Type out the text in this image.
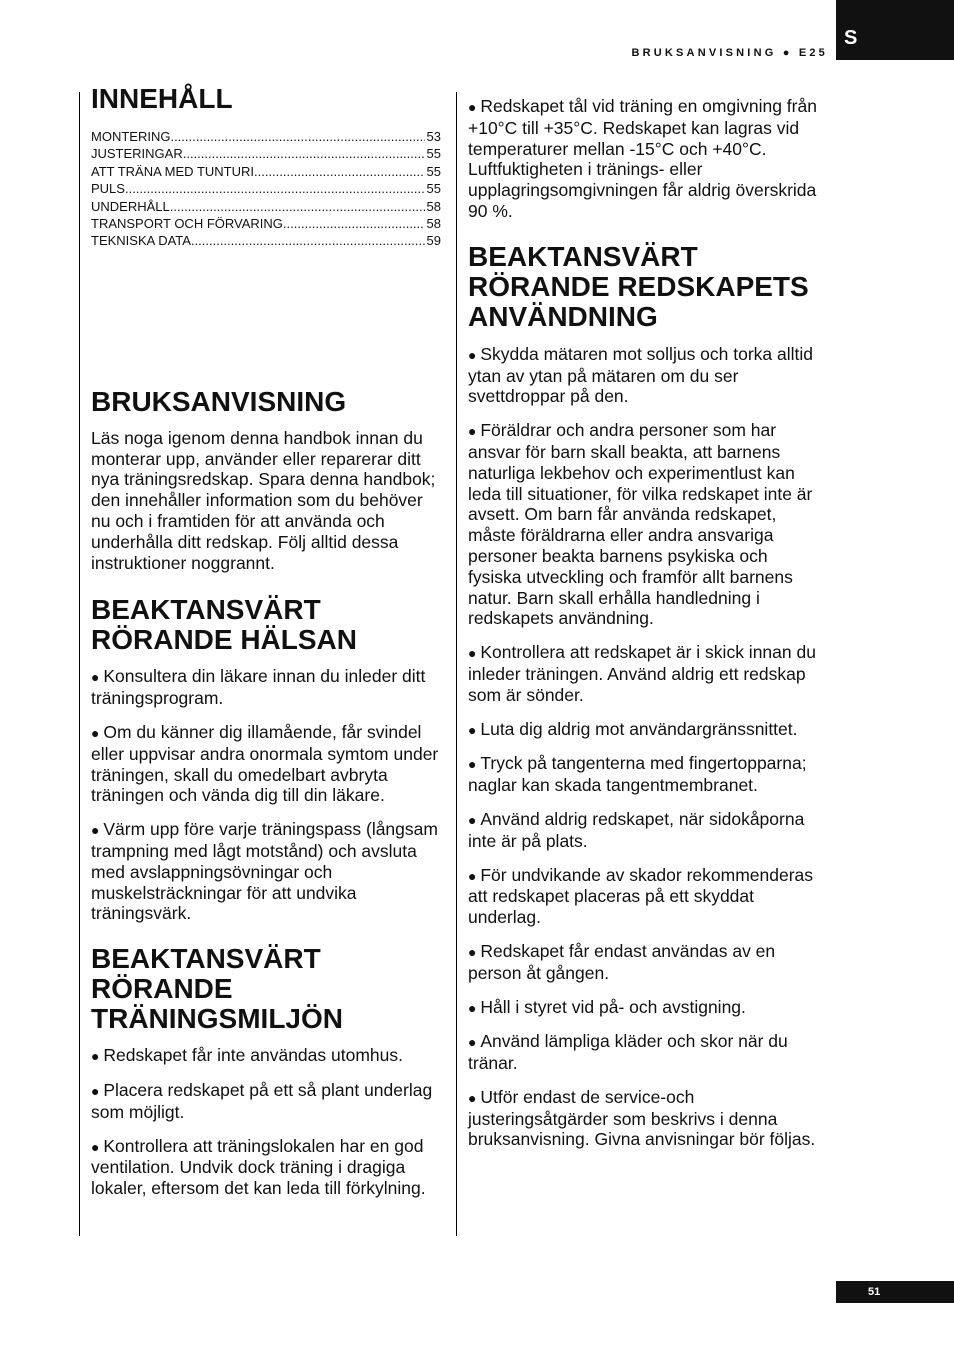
S
BRUKSANVISNING ● E25
51
INNEHÅLL
MONTERING .....	53
JUSTERINGAR .....	55
ATT TRÄNA MED TUNTURI .....	55
PULS .....	55
UNDERHÅLL .....	58
TRANSPORT OCH FÖRVARING .....	58
TEKNISKA DATA .....	59
BRUKSANVISNING

Läs noga igenom denna handbok innan du monterar upp, använder eller reparerar ditt nya träningsredskap. Spara denna handbok; den innehåller information som du behöver nu och i framtiden för att använda och underhålla ditt redskap. Följ alltid dessa instruktioner noggrannt.

BEAKTANSVÄRT RÖRANDE HÄLSAN

● Konsultera din läkare innan du inleder ditt träningsprogram.

● Om du känner dig illamående, får svindel eller uppvisar andra onormala symtom under träningen, skall du omedelbart avbryta träningen och vända dig till din läkare.

● Värm upp före varje träningspass (långsam trampning med lågt motstånd) och avsluta med avslappningsövningar och muskelsträckningar för att undvika träningsvärk.

BEAKTANSVÄRT RÖRANDE TRÄNINGSMILJÖN

● Redskapet får inte användas utomhus.

● Placera redskapet på ett så plant underlag som möjligt.

● Kontrollera att träningslokalen har en god ventilation. Undvik dock träning i dragiga lokaler, eftersom det kan leda till förkylning.

● Redskapet tål vid träning en omgivning från +10°C till +35°C. Redskapet kan lagras vid temperaturer mellan -15°C och +40°C. Luftfuktigheten i tränings- eller upplagringsomgivningen får aldrig överskrida 90 %.

BEAKTANSVÄRT RÖRANDE REDSKAPETS ANVÄNDNING

● Skydda mätaren mot solljus och torka alltid ytan av ytan på mätaren om du ser svettdroppar på den.

● Föräldrar och andra personer som har ansvar för barn skall beakta, att barnens naturliga lekbehov och experimentlust kan leda till situationer, för vilka redskapet inte är avsett. Om barn får använda redskapet, måste föräldrarna eller andra ansvariga personer beakta barnens psykiska och fysiska utveckling och framför allt barnens natur. Barn skall erhålla handledning i redskapets användning.

● Kontrollera att redskapet är i skick innan du inleder träningen. Använd aldrig ett redskap som är sönder.

● Luta dig aldrig mot användargränssnittet.

● Tryck på tangenterna med fingertopparna; naglar kan skada tangentmembranet.

● Använd aldrig redskapet, när sidokåporna inte är på plats.

● För undvikande av skador rekommenderas att redskapet placeras på ett skyddat underlag.

● Redskapet får endast användas av en person åt gången.

● Håll i styret vid på- och avstigning.

● Använd lämpliga kläder och skor när du tränar.

● Utför endast de service-och justeringsåtgärder som beskrivs i denna bruksanvisning. Givna anvisningar bör följas.
